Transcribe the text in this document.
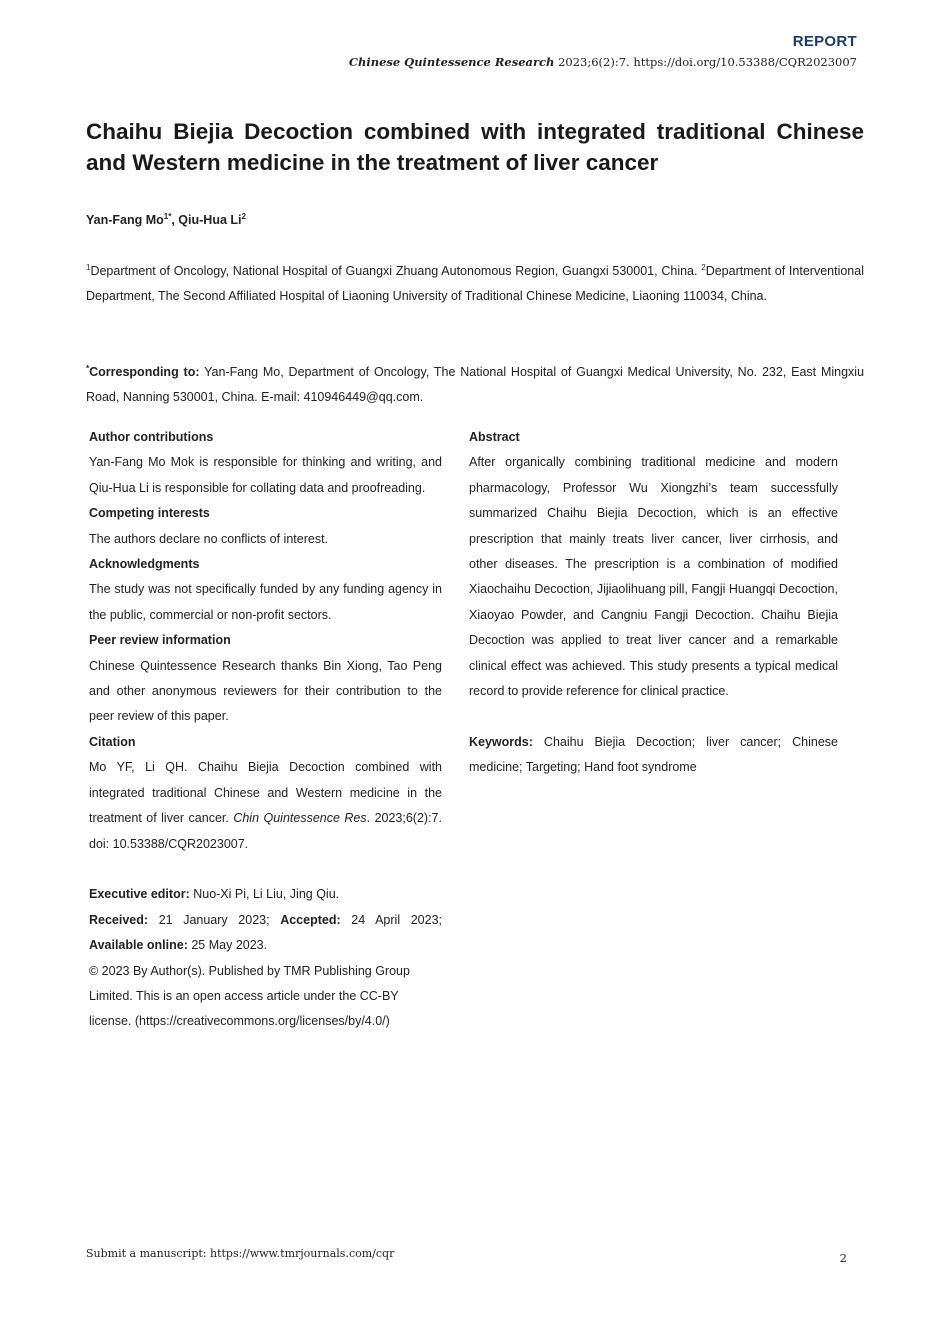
REPORT
Chinese Quintessence Research 2023;6(2):7. https://doi.org/10.53388/CQR2023007
Chaihu Biejia Decoction combined with integrated traditional Chinese and Western medicine in the treatment of liver cancer
Yan-Fang $Mo^{1*}$, Qiu-Hua Li$^2$
$^1$Department of Oncology, National Hospital of Guangxi Zhuang Autonomous Region, Guangxi 530001, China. $^2$Department of Interventional Department, The Second Affiliated Hospital of Liaoning University of Traditional Chinese Medicine, Liaoning 110034, China.
*Corresponding to: Yan-Fang Mo, Department of Oncology, The National Hospital of Guangxi Medical University, No. 232, East Mingxiu Road, Nanning 530001, China. E-mail: 410946449@qq.com.
Author contributions
Yan-Fang Mo Mok is responsible for thinking and writing, and Qiu-Hua Li is responsible for collating data and proofreading.
Competing interests
The authors declare no conflicts of interest.
Acknowledgments
The study was not specifically funded by any funding agency in the public, commercial or non-profit sectors.
Peer review information
Chinese Quintessence Research thanks Bin Xiong, Tao Peng and other anonymous reviewers for their contribution to the peer review of this paper.
Citation
Mo YF, Li QH. Chaihu Biejia Decoction combined with integrated traditional Chinese and Western medicine in the treatment of liver cancer. Chin Quintessence Res. 2023;6(2):7. doi: 10.53388/CQR2023007.
Executive editor: Nuo-Xi Pi, Li Liu, Jing Qiu.
Received: 21 January 2023; Accepted: 24 April 2023; Available online: 25 May 2023.
© 2023 By Author(s). Published by TMR Publishing Group
Limited. This is an open access article under the CC-BY
license. (https://creativecommons.org/licenses/by/4.0/)
Abstract
After organically combining traditional medicine and modern pharmacology, Professor Wu Xiongzhi’s team successfully summarized Chaihu Biejia Decoction, which is an effective prescription that mainly treats liver cancer, liver cirrhosis, and other diseases. The prescription is a combination of modified Xiaochaihu Decoction, Jijiaolihuang pill, Fangji Huangqi Decoction, Xiaoyao Powder, and Cangniu Fangji Decoction. Chaihu Biejia Decoction was applied to treat liver cancer and a remarkable clinical effect was achieved. This study presents a typical medical record to provide reference for clinical practice.
Keywords: Chaihu Biejia Decoction; liver cancer; Chinese medicine; Targeting; Hand foot syndrome
Submit a manuscript: https://www.tmrjournals.com/cqr	2
